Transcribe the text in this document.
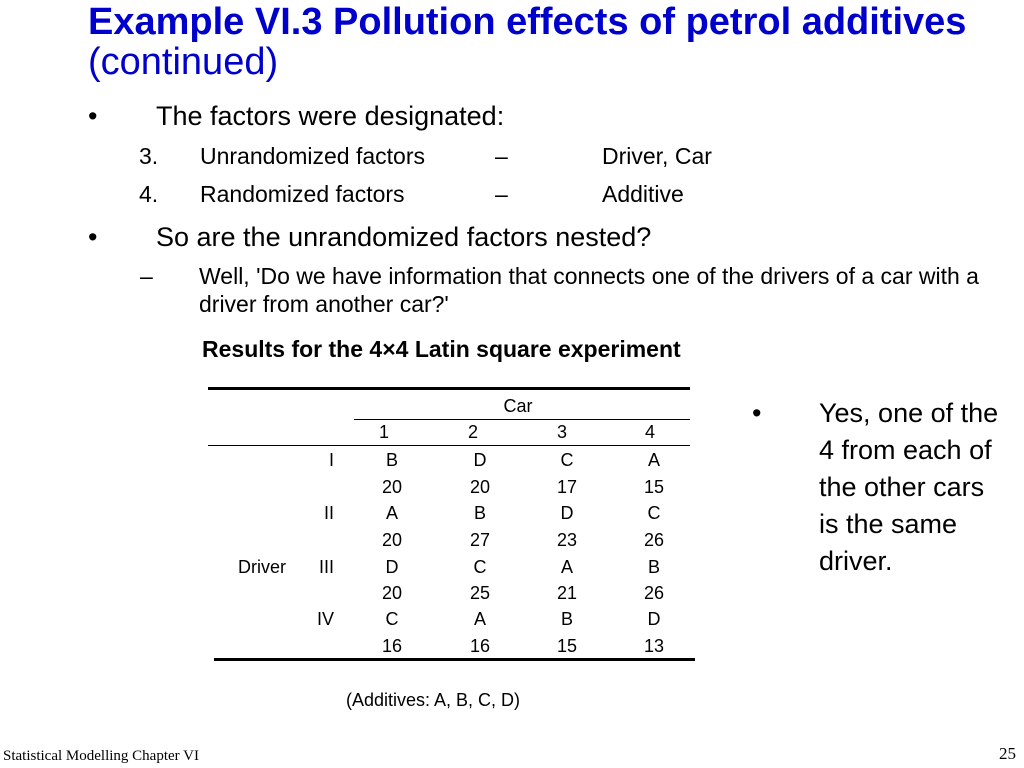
Example VI.3 Pollution effects of petrol additives (continued)
• The factors were designated:
3. Unrandomized factors	–	Driver, Car
4. Randomized factors	–	Additive
• So are the unrandomized factors nested?
– Well, 'Do we have information that connects one of the drivers of a car with a driver from another car?'
Results for the 4×4 Latin square experiment
Car
1	2	3	4
Driver
I	B	D	C	A
20	20	17	15
II	A	B	D	C
20	27	23	26
III	D	C	A	B
20	25	21	26
IV	C	A	B	D
16	16	15	13
• Yes, one of the 4 from each of the other cars is the same driver.
(Additives: A, B, C, D)
Statistical Modelling Chapter VI	25
